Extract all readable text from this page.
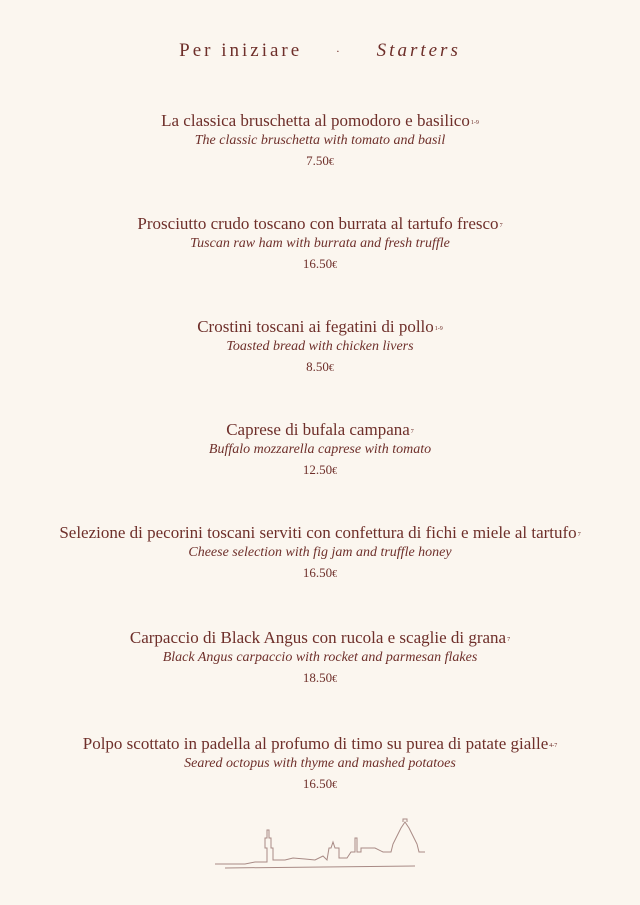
Per iniziare	· Starters
La classica bruschetta al pomodoro e basilico$^{1-9}$
The classic bruschetta with tomato and basil
7.50€
Prosciutto crudo toscano con burrata al tartufo fresco$^7$
Tuscan raw ham with burrata and fresh truffle
16.50€
Crostini toscani ai fegatini di pollo$^{1-9}$
Toasted bread with chicken livers
8.50€
Caprese di bufala campana$^7$
Buffalo mozzarella caprese with tomato
12.50€
Selezione di pecorini toscani serviti con confettura di fichi e miele al tartufo$^7$
Cheese selection with fig jam and truffle honey
16.50€
Carpaccio di Black Angus con rucola e scaglie di grana$^7$
Black Angus carpaccio with rocket and parmesan flakes
18.50€
Polpo scottato in padella al profumo di timo su purea di patate gialle$^{4-7}$
Seared octopus with thyme and mashed potatoes
16.50€
